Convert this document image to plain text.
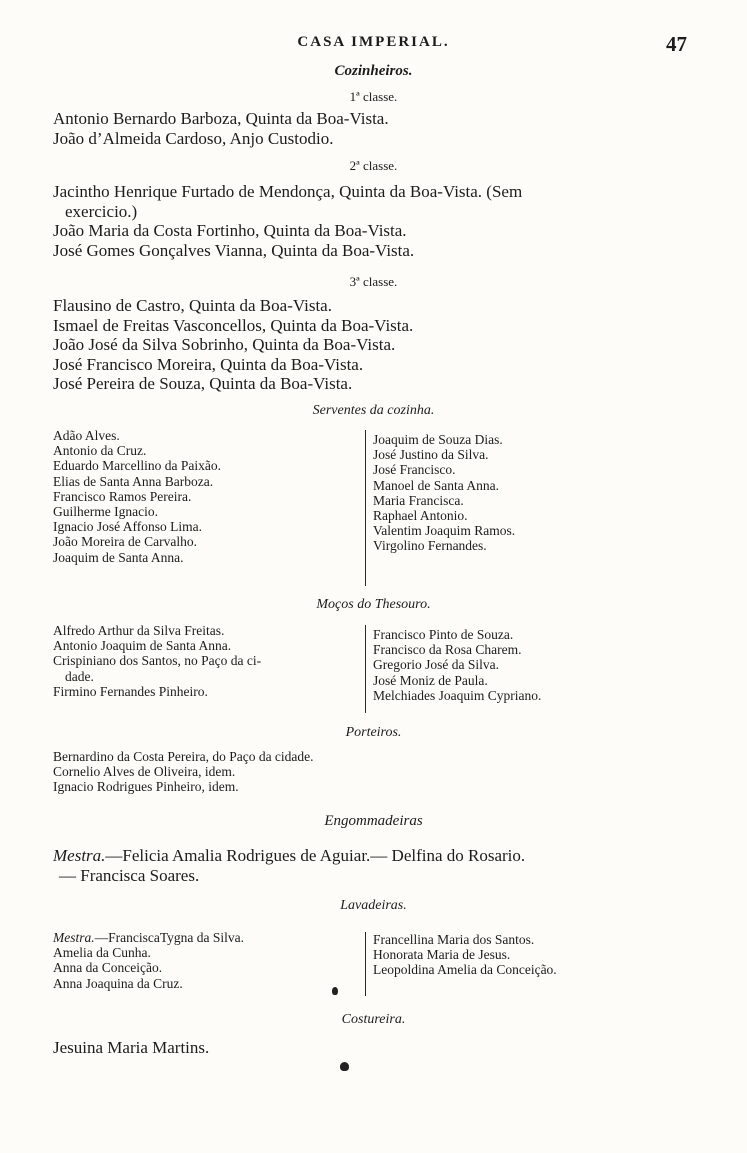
CASA IMPERIAL.	47
Cozinheiros.
1ª classe.
Antonio Bernardo Barboza, Quinta da Boa-Vista.
João d’Almeida Cardoso, Anjo Custodio.
2ª classe.
Jacintho Henrique Furtado de Mendonça, Quinta da Boa-Vista. (Sem
exercicio.)
João Maria da Costa Fortinho, Quinta da Boa-Vista.
José Gomes Gonçalves Vianna, Quinta da Boa-Vista.
3ª classe.
Flausino de Castro, Quinta da Boa-Vista.
Ismael de Freitas Vasconcellos, Quinta da Boa-Vista.
João José da Silva Sobrinho, Quinta da Boa-Vista.
José Francisco Moreira, Quinta da Boa-Vista.
José Pereira de Souza, Quinta da Boa-Vista.
Serventes da cozinha.
Adão Alves.
Antonio da Cruz.
Eduardo Marcellino da Paixão.
Elias de Santa Anna Barboza.
Francisco Ramos Pereira.
Guilherme Ignacio.
Ignacio José Affonso Lima.
João Moreira de Carvalho.
Joaquim de Santa Anna.
Joaquim de Souza Dias.
José Justino da Silva.
José Francisco.
Manoel de Santa Anna.
Maria Francisca.
Raphael Antonio.
Valentim Joaquim Ramos.
Virgolino Fernandes.
Moços do Thesouro.
Alfredo Arthur da Silva Freitas.
Antonio Joaquim de Santa Anna.
Crispiniano dos Santos, no Paço da ci-
dade.
Firmino Fernandes Pinheiro.
Francisco Pinto de Souza.
Francisco da Rosa Charem.
Gregorio José da Silva.
José Moniz de Paula.
Melchiades Joaquim Cypriano.
Porteiros.
Bernardino da Costa Pereira, do Paço da cidade.
Cornelio Alves de Oliveira, idem.
Ignacio Rodrigues Pinheiro, idem.
Engommadeiras
Mestra.—Felicia Amalia Rodrigues de Aguiar.— Delfina do Rosario.
— Francisca Soares.
Lavadeiras.
Mestra.—FranciscaTygna da Silva.
Amelia da Cunha.
Anna da Conceição.
Anna Joaquina da Cruz.
Francellina Maria dos Santos.
Honorata Maria de Jesus.
Leopoldina Amelia da Conceição.
Costureira.
Jesuina Maria Martins.
